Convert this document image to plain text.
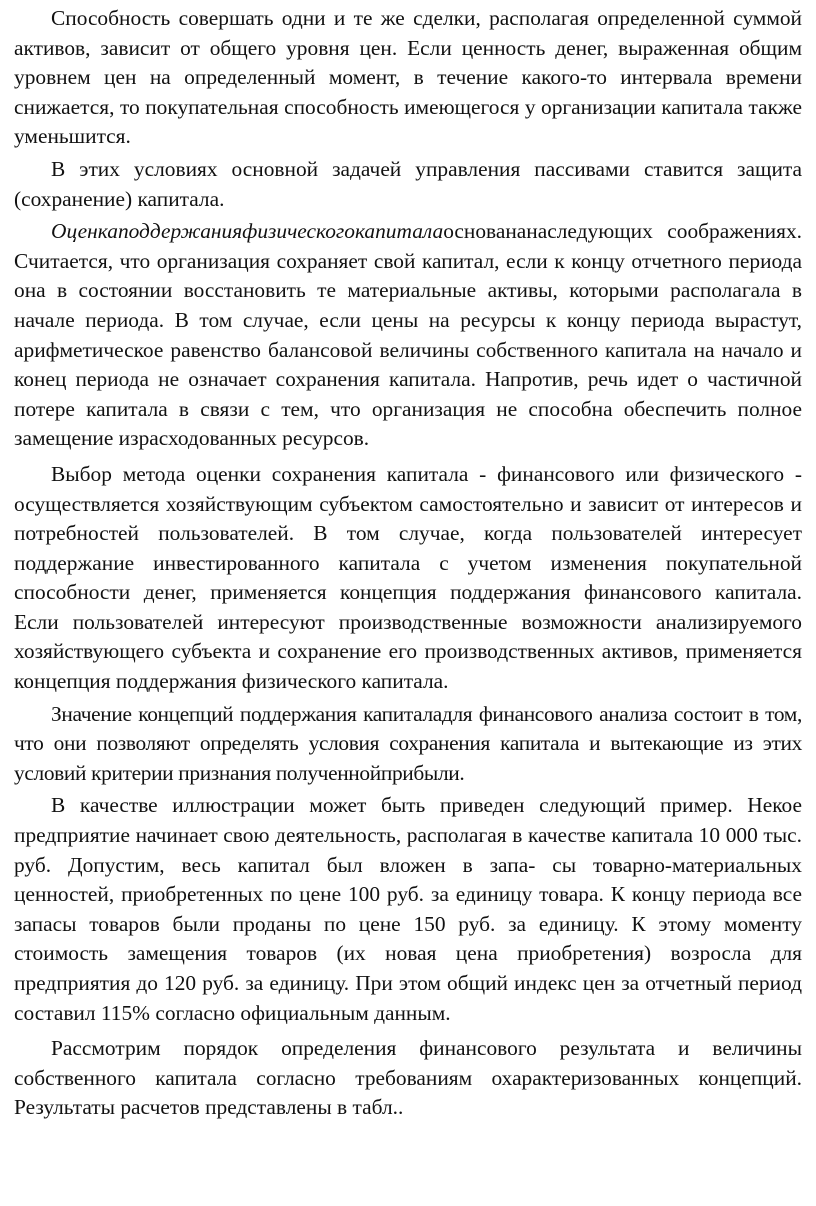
Способность совершать одни и те же сделки, располагая определенной суммой активов, зависит от общего уровня цен. Если ценность денег, выраженная общим уровнем цен на определенный момент, в течение какого-то интервала времени снижается, то покупательная способность имеющегося у организации капитала также уменьшится.

В этих условиях основной задачей управления пассивами ставится защита (сохранение) капитала.

Оценкаподдержанияфизическогокапиталаосновананаследующих соображениях. Считается, что организация сохраняет свой капитал, если к концу отчетного периода она в состоянии восстановить те материальные активы, которыми располагала в начале периода. В том случае, если цены на ресурсы к концу периода вырастут, арифметическое равенство балансовой величины собственного капитала на начало и конец периода не означает сохранения капитала. Напротив, речь идет о частичной потере капитала в связи с тем, что организация не способна обеспечить полное замещение израсходованных ресурсов.

Выбор метода оценки сохранения капитала - финансового или физического - осуществляется хозяйствующим субъектом самостоятельно и зависит от интересов и потребностей пользователей. В том случае, когда пользователей интересует поддержание инвестированного капитала с учетом изменения покупательной способности денег, применяется концепция поддержания финансового капитала. Если пользователей интересуют производственные возможности анализируемого хозяйствующего субъекта и сохранение его производственных активов, применяется концепция поддержания физического капитала.

Значение концепций поддержания капиталадля финансового анализа состоит в том, что они позволяют определять условия сохранения капитала и вытекающие из этих условий критерии признания полученнойприбыли.

В качестве иллюстрации может быть приведен следующий пример. Некое предприятие начинает свою деятельность, располагая в качестве капитала 10 000 тыс. руб. Допустим, весь капитал был вложен в запа- сы товарно-материальных ценностей, приобретенных по цене 100 руб. за единицу товара. К концу периода все запасы товаров были проданы по цене 150 руб. за единицу. К этому моменту стоимость замещения товаров (их новая цена приобретения) возросла для предприятия до 120 руб. за единицу. При этом общий индекс цен за отчетный период составил 115% согласно официальным данным.

Рассмотрим порядок определения финансового результата и величины собственного капитала согласно требованиям охарактеризованных концепций. Результаты расчетов представлены в табл..
